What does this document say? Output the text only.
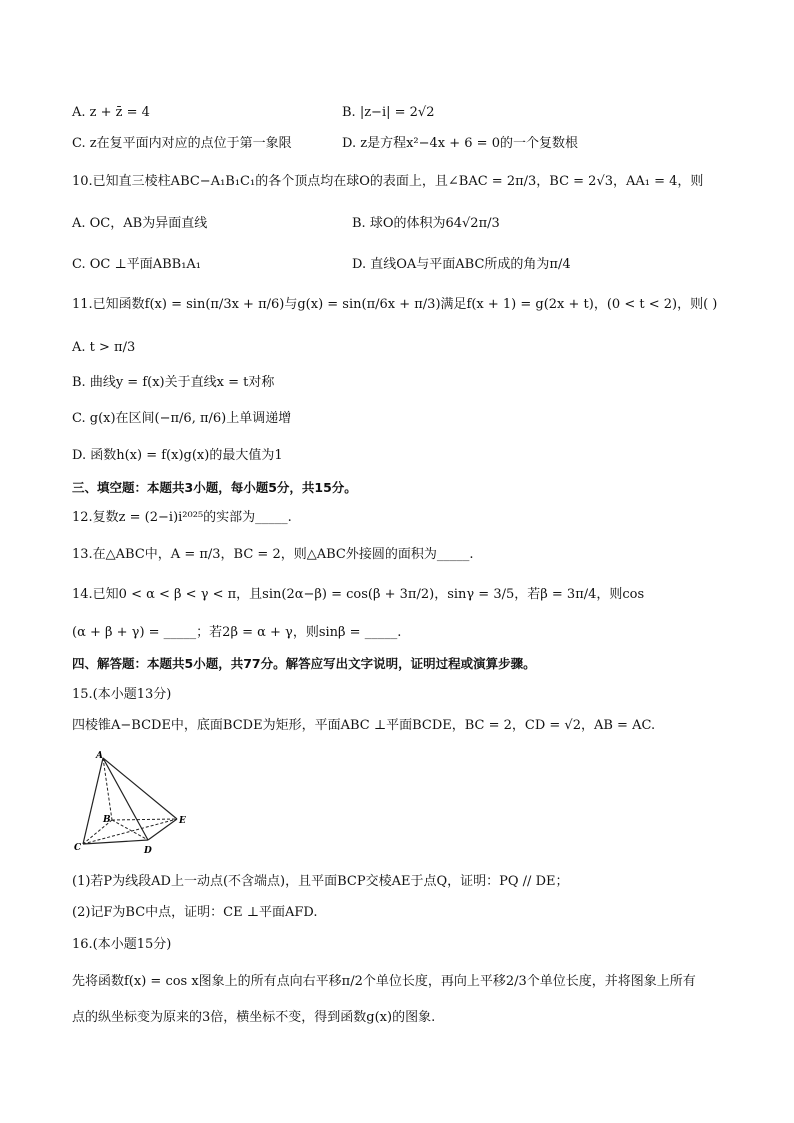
A. z + z̄ = 4	B. |z−i| = 2√2
C. z在复平面内对应的点位于第一象限	D. z是方程x²−4x + 6 = 0的一个复数根
10.已知直三棱柱ABC−A₁B₁C₁的各个顶点均在球O的表面上，且∠BAC = 2π/3，BC = 2√3，AA₁ = 4，则
A. OC，AB为异面直线	B. 球O的体积为64√2π/3
C. OC ⊥平面ABB₁A₁	D. 直线OA与平面ABC所成的角为π/4
11.已知函数f(x) = sin(π/3x + π/6)与g(x) = sin(π/6x + π/3)满足f(x + 1) = g(2x + t)，(0 < t < 2)，则( )
A. t > π/3
B. 曲线y = f(x)关于直线x = t对称
C. g(x)在区间(−π/6, π/6)上单调递增
D. 函数h(x) = f(x)g(x)的最大值为1
三、填空题：本题共3小题，每小题5分，共15分。
12.复数z = (2−i)i²⁰²⁵的实部为_____.
13.在△ABC中，A = π/3，BC = 2，则△ABC外接圆的面积为_____.
14.已知0 < α < β < γ < π，且sin(2α−β) = cos(β + 3π/2)，sinγ = 3/5，若β = 3π/4，则cos
(α + β + γ) = _____；若2β = α + γ，则sinβ = _____.
四、解答题：本题共5小题，共77分。解答应写出文字说明，证明过程或演算步骤。
15.(本小题13分)
四棱锥A−BCDE中，底面BCDE为矩形，平面ABC ⊥平面BCDE，BC = 2，CD = √2，AB = AC.
A
B
C	D
E
(1)若P为线段AD上一动点(不含端点)，且平面BCP交棱AE于点Q，证明：PQ // DE；
(2)记F为BC中点，证明：CE ⊥平面AFD.
16.(本小题15分)
先将函数f(x) = cos x图象上的所有点向右平移π/2个单位长度，再向上平移2/3个单位长度，并将图象上所有
点的纵坐标变为原来的3倍，横坐标不变，得到函数g(x)的图象.
